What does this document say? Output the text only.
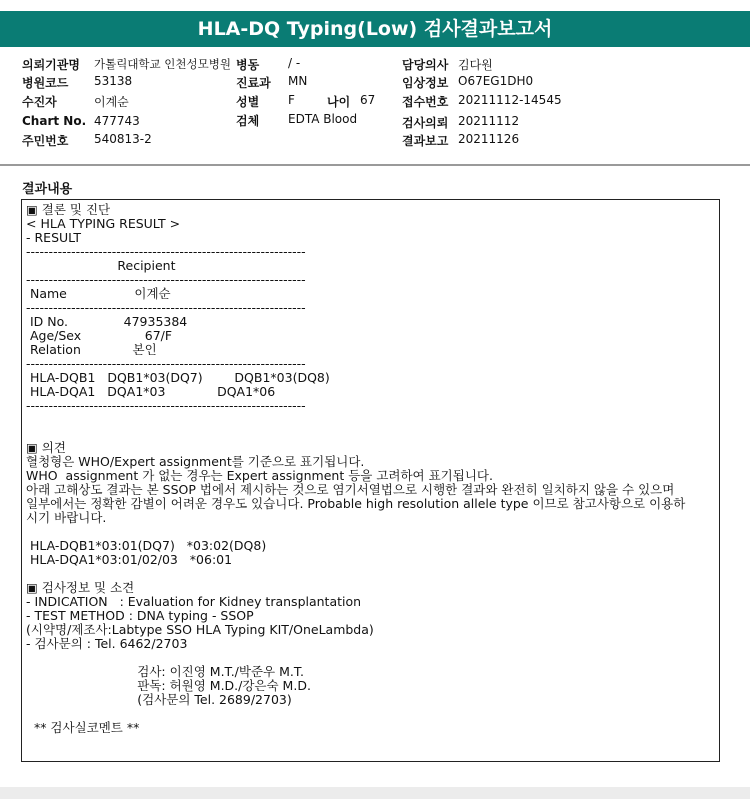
HLA-DQ Typing(Low) 검사결과보고서
의뢰기관명 가톨릭대학교 인천성모병원 병동 / -	담당의사 김다원
병원코드 53138	진료과 MN	임상정보 O67EG1DH0
수진자	이계순	성별 F	나이 67 접수번호 20211112-14545
Chart No. 477743	검체 EDTA Blood	검사의뢰 20211112
주민번호 540813-2	결과보고 20211126
결과내용
▣ 결론 및 진단
< HLA TYPING RESULT >
- RESULT
--------------------------------------------------------------
Recipient
--------------------------------------------------------------
Name                 이계순
--------------------------------------------------------------
ID No.              47935384
Age/Sex                67/F
Relation             본인
--------------------------------------------------------------
HLA-DQB1   DQB1*03(DQ7)        DQB1*03(DQ8)
HLA-DQA1   DQA1*03             DQA1*06
--------------------------------------------------------------
▣ 의견
혈청형은 WHO/Expert assignment를 기준으로 표기됩니다.
WHO  assignment 가 없는 경우는 Expert assignment 등을 고려하여 표기됩니다.
아래 고해상도 결과는 본 SSOP 법에서 제시하는 것으로 염기서열법으로 시행한 결과와 완전히 일치하지 않을 수 있으며
일부에서는 정확한 감별이 어려운 경우도 있습니다. Probable high resolution allele type 이므로 참고사항으로 이용하
시기 바랍니다.
HLA-DQB1*03:01(DQ7)   *03:02(DQ8)
HLA-DQA1*03:01/02/03   *06:01
▣ 검사정보 및 소견
- INDICATION   : Evaluation for Kidney transplantation
- TEST METHOD : DNA typing - SSOP
(시약명/제조사:Labtype SSO HLA Typing KIT/OneLambda)
- 검사문의 : Tel. 6462/2703
검사: 이진영 M.T./박준우 M.T.
판독: 허원영 M.D./강은숙 M.D.
(검사문의 Tel. 2689/2703)
** 검사실코멘트 **
